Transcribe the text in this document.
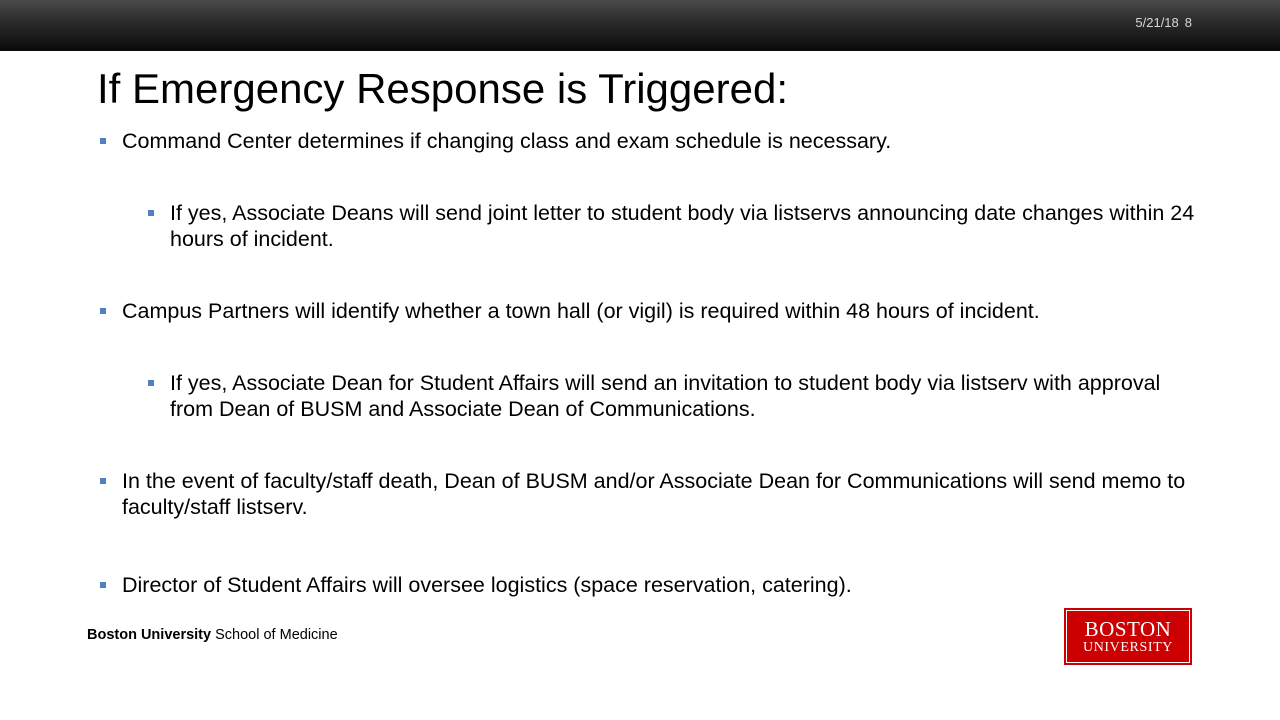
5/21/18 8
If Emergency Response is Triggered:
Command Center determines if changing class and exam schedule is necessary.
If yes, Associate Deans will send joint letter to student body via listservs announcing date changes within 24 hours of incident.
Campus Partners will identify whether a town hall (or vigil) is required within 48 hours of incident.
If yes, Associate Dean for Student Affairs will send an invitation to student body via listserv with approval from Dean of BUSM and Associate Dean of Communications.
In the event of faculty/staff death, Dean of BUSM and/or Associate Dean for Communications will send memo to faculty/staff listserv.
Director of Student Affairs will oversee logistics (space reservation, catering).
Boston University School of Medicine	BOSTON
UNIVERSITY
